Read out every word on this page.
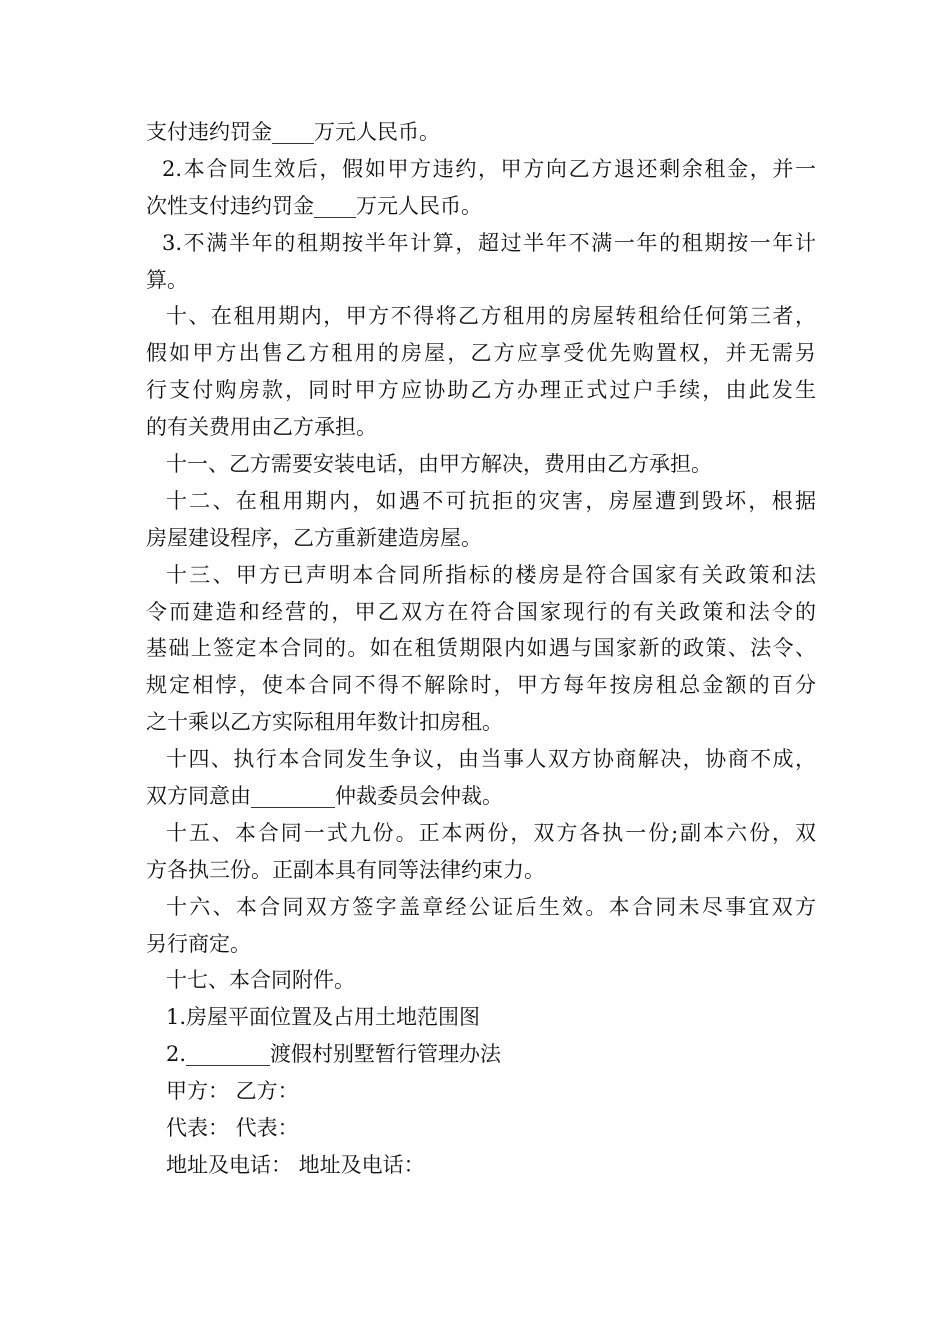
支付违约罚金____万元人民币。
2.本合同生效后，假如甲方违约，甲方向乙方退还剩余租金，并一
次性支付违约罚金____万元人民币。
3.不满半年的租期按半年计算，超过半年不满一年的租期按一年计
算。
十、在租用期内，甲方不得将乙方租用的房屋转租给任何第三者，
假如甲方出售乙方租用的房屋，乙方应享受优先购置权，并无需另
行支付购房款，同时甲方应协助乙方办理正式过户手续，由此发生
的有关费用由乙方承担。
十一、乙方需要安装电话，由甲方解决，费用由乙方承担。
十二、在租用期内，如遇不可抗拒的灾害，房屋遭到毁坏，根据
房屋建设程序，乙方重新建造房屋。
十三、甲方已声明本合同所指标的楼房是符合国家有关政策和法
令而建造和经营的，甲乙双方在符合国家现行的有关政策和法令的
基础上签定本合同的。如在租赁期限内如遇与国家新的政策、法令、
规定相悖，使本合同不得不解除时，甲方每年按房租总金额的百分
之十乘以乙方实际租用年数计扣房租。
十四、执行本合同发生争议，由当事人双方协商解决，协商不成，
双方同意由________仲裁委员会仲裁。
十五、本合同一式九份。正本两份，双方各执一份;副本六份，双
方各执三份。正副本具有同等法律约束力。
十六、本合同双方签字盖章经公证后生效。本合同未尽事宜双方
另行商定。
十七、本合同附件。
1.房屋平面位置及占用土地范围图
2.________渡假村别墅暂行管理办法
甲方： 乙方：
代表： 代表：
地址及电话： 地址及电话：
